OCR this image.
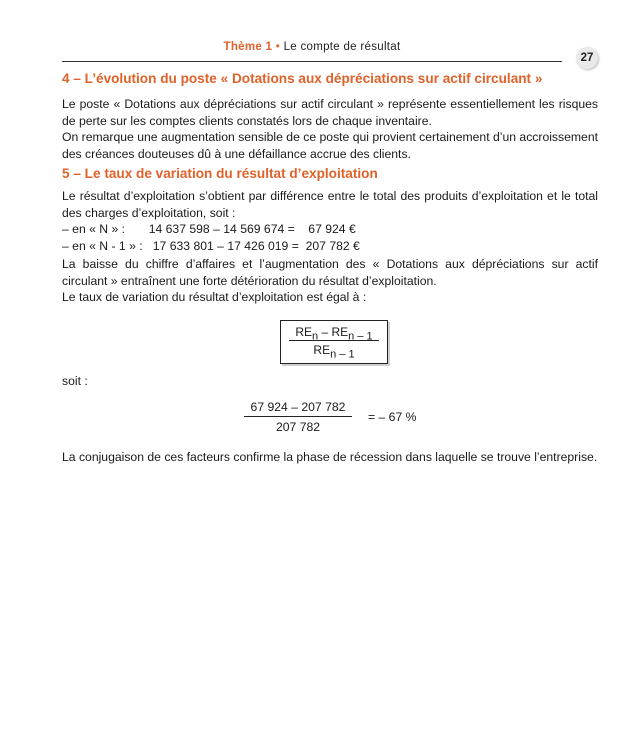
Thème 1 • Le compte de résultat
27
4 – L’évolution du poste « Dotations aux dépréciations sur actif circulant »
Le poste « Dotations aux dépréciations sur actif circulant » représente essentiellement les risques de perte sur les comptes clients constatés lors de chaque inventaire.
On remarque une augmentation sensible de ce poste qui provient certainement d’un accroissement des créances douteuses dû à une défaillance accrue des clients.
5 – Le taux de variation du résultat d’exploitation
Le résultat d’exploitation s’obtient par différence entre le total des produits d’exploitation et le total des charges d’exploitation, soit :
– en « N » :       14 637 598 – 14 569 674 =    67 924 €
– en « N - 1 » :   17 633 801 – 17 426 019 =  207 782 €
La baisse du chiffre d’affaires et l’augmentation des « Dotations aux dépréciations sur actif circulant » entraînent une forte détérioration du résultat d’exploitation.
Le taux de variation du résultat d’exploitation est égal à :
$RE_n - RE_{n - 1}$
$RE_{n - 1}$
soit :
67 924 – 207 782
207 782
= – 67 %
La conjugaison de ces facteurs confirme la phase de récession dans laquelle se trouve l’entreprise.
